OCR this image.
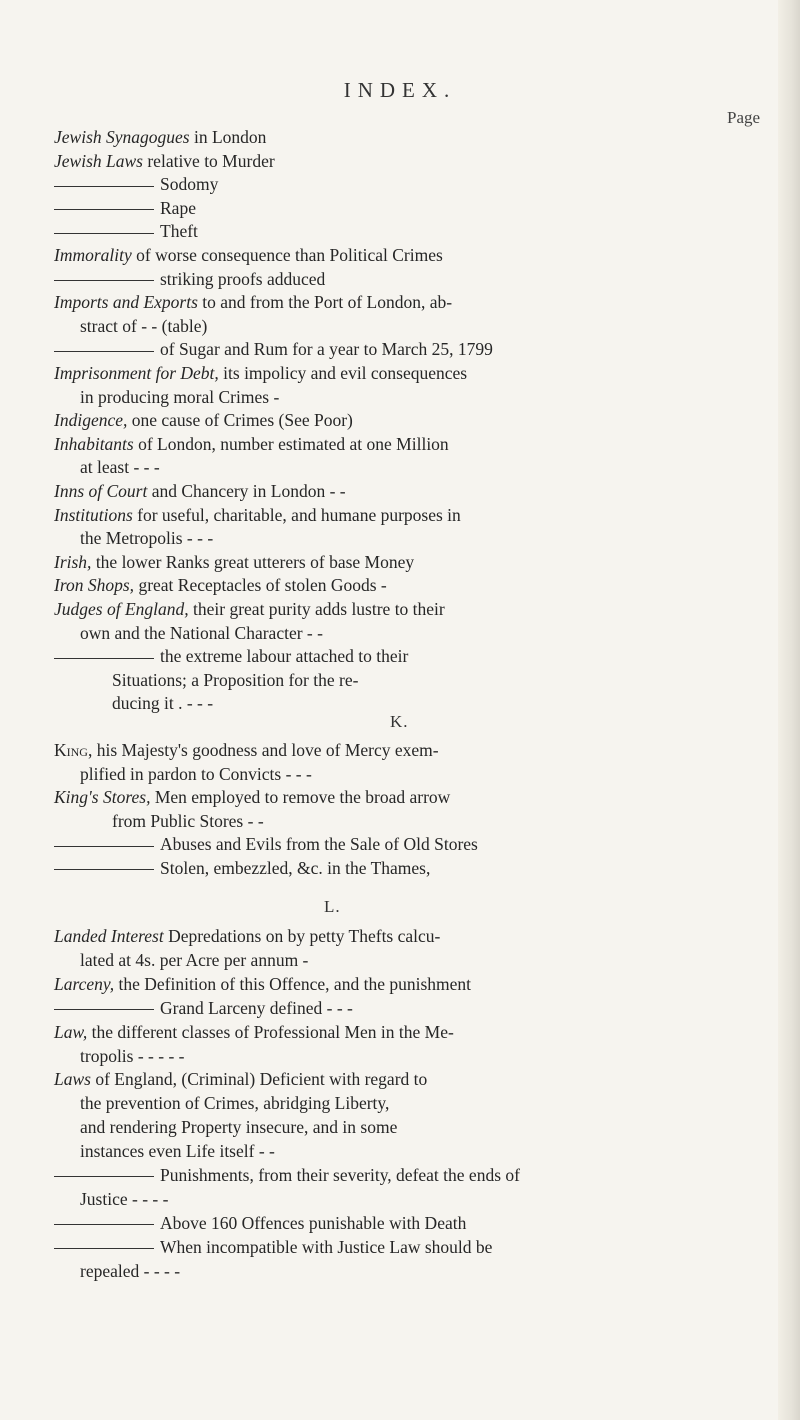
INDEX.
Page
Jewish Synagogues in London
Jewish Laws relative to Murder
Sodomy
Rape
Theft
Immorality of worse consequence than Political Crimes
striking proofs adduced
Imports and Exports to and from the Port of London, ab-
stract of - - (table)
of Sugar and Rum for a year to March 25, 1799
Imprisonment for Debt, its impolicy and evil consequences
in producing moral Crimes -
Indigence, one cause of Crimes (See Poor)
Inhabitants of London, number estimated at one Million
at least - - -
Inns of Court and Chancery in London - -
Institutions for useful, charitable, and humane purposes in
the Metropolis - - -
Irish, the lower Ranks great utterers of base Money
Iron Shops, great Receptacles of stolen Goods -
Judges of England, their great purity adds lustre to their
own and the National Character - -
the extreme labour attached to their
Situations; a Proposition for the re-
ducing it . - - -
K.
King, his Majesty's goodness and love of Mercy exem-
plified in pardon to Convicts - - -
King's Stores, Men employed to remove the broad arrow
from Public Stores - -
Abuses and Evils from the Sale of Old Stores
Stolen, embezzled, &c. in the Thames,
L.
Landed Interest Depredations on by petty Thefts calcu-
lated at 4s. per Acre per annum -
Larceny, the Definition of this Offence, and the punishment
Grand Larceny defined - - -
Law, the different classes of Professional Men in the Me-
tropolis - - - - -
Laws of England, (Criminal) Deficient with regard to
the prevention of Crimes, abridging Liberty,
and rendering Property insecure, and in some
instances even Life itself - -
Punishments, from their severity, defeat the ends of
Justice - - - -
Above 160 Offences punishable with Death
When incompatible with Justice Law should be
repealed - - - -
